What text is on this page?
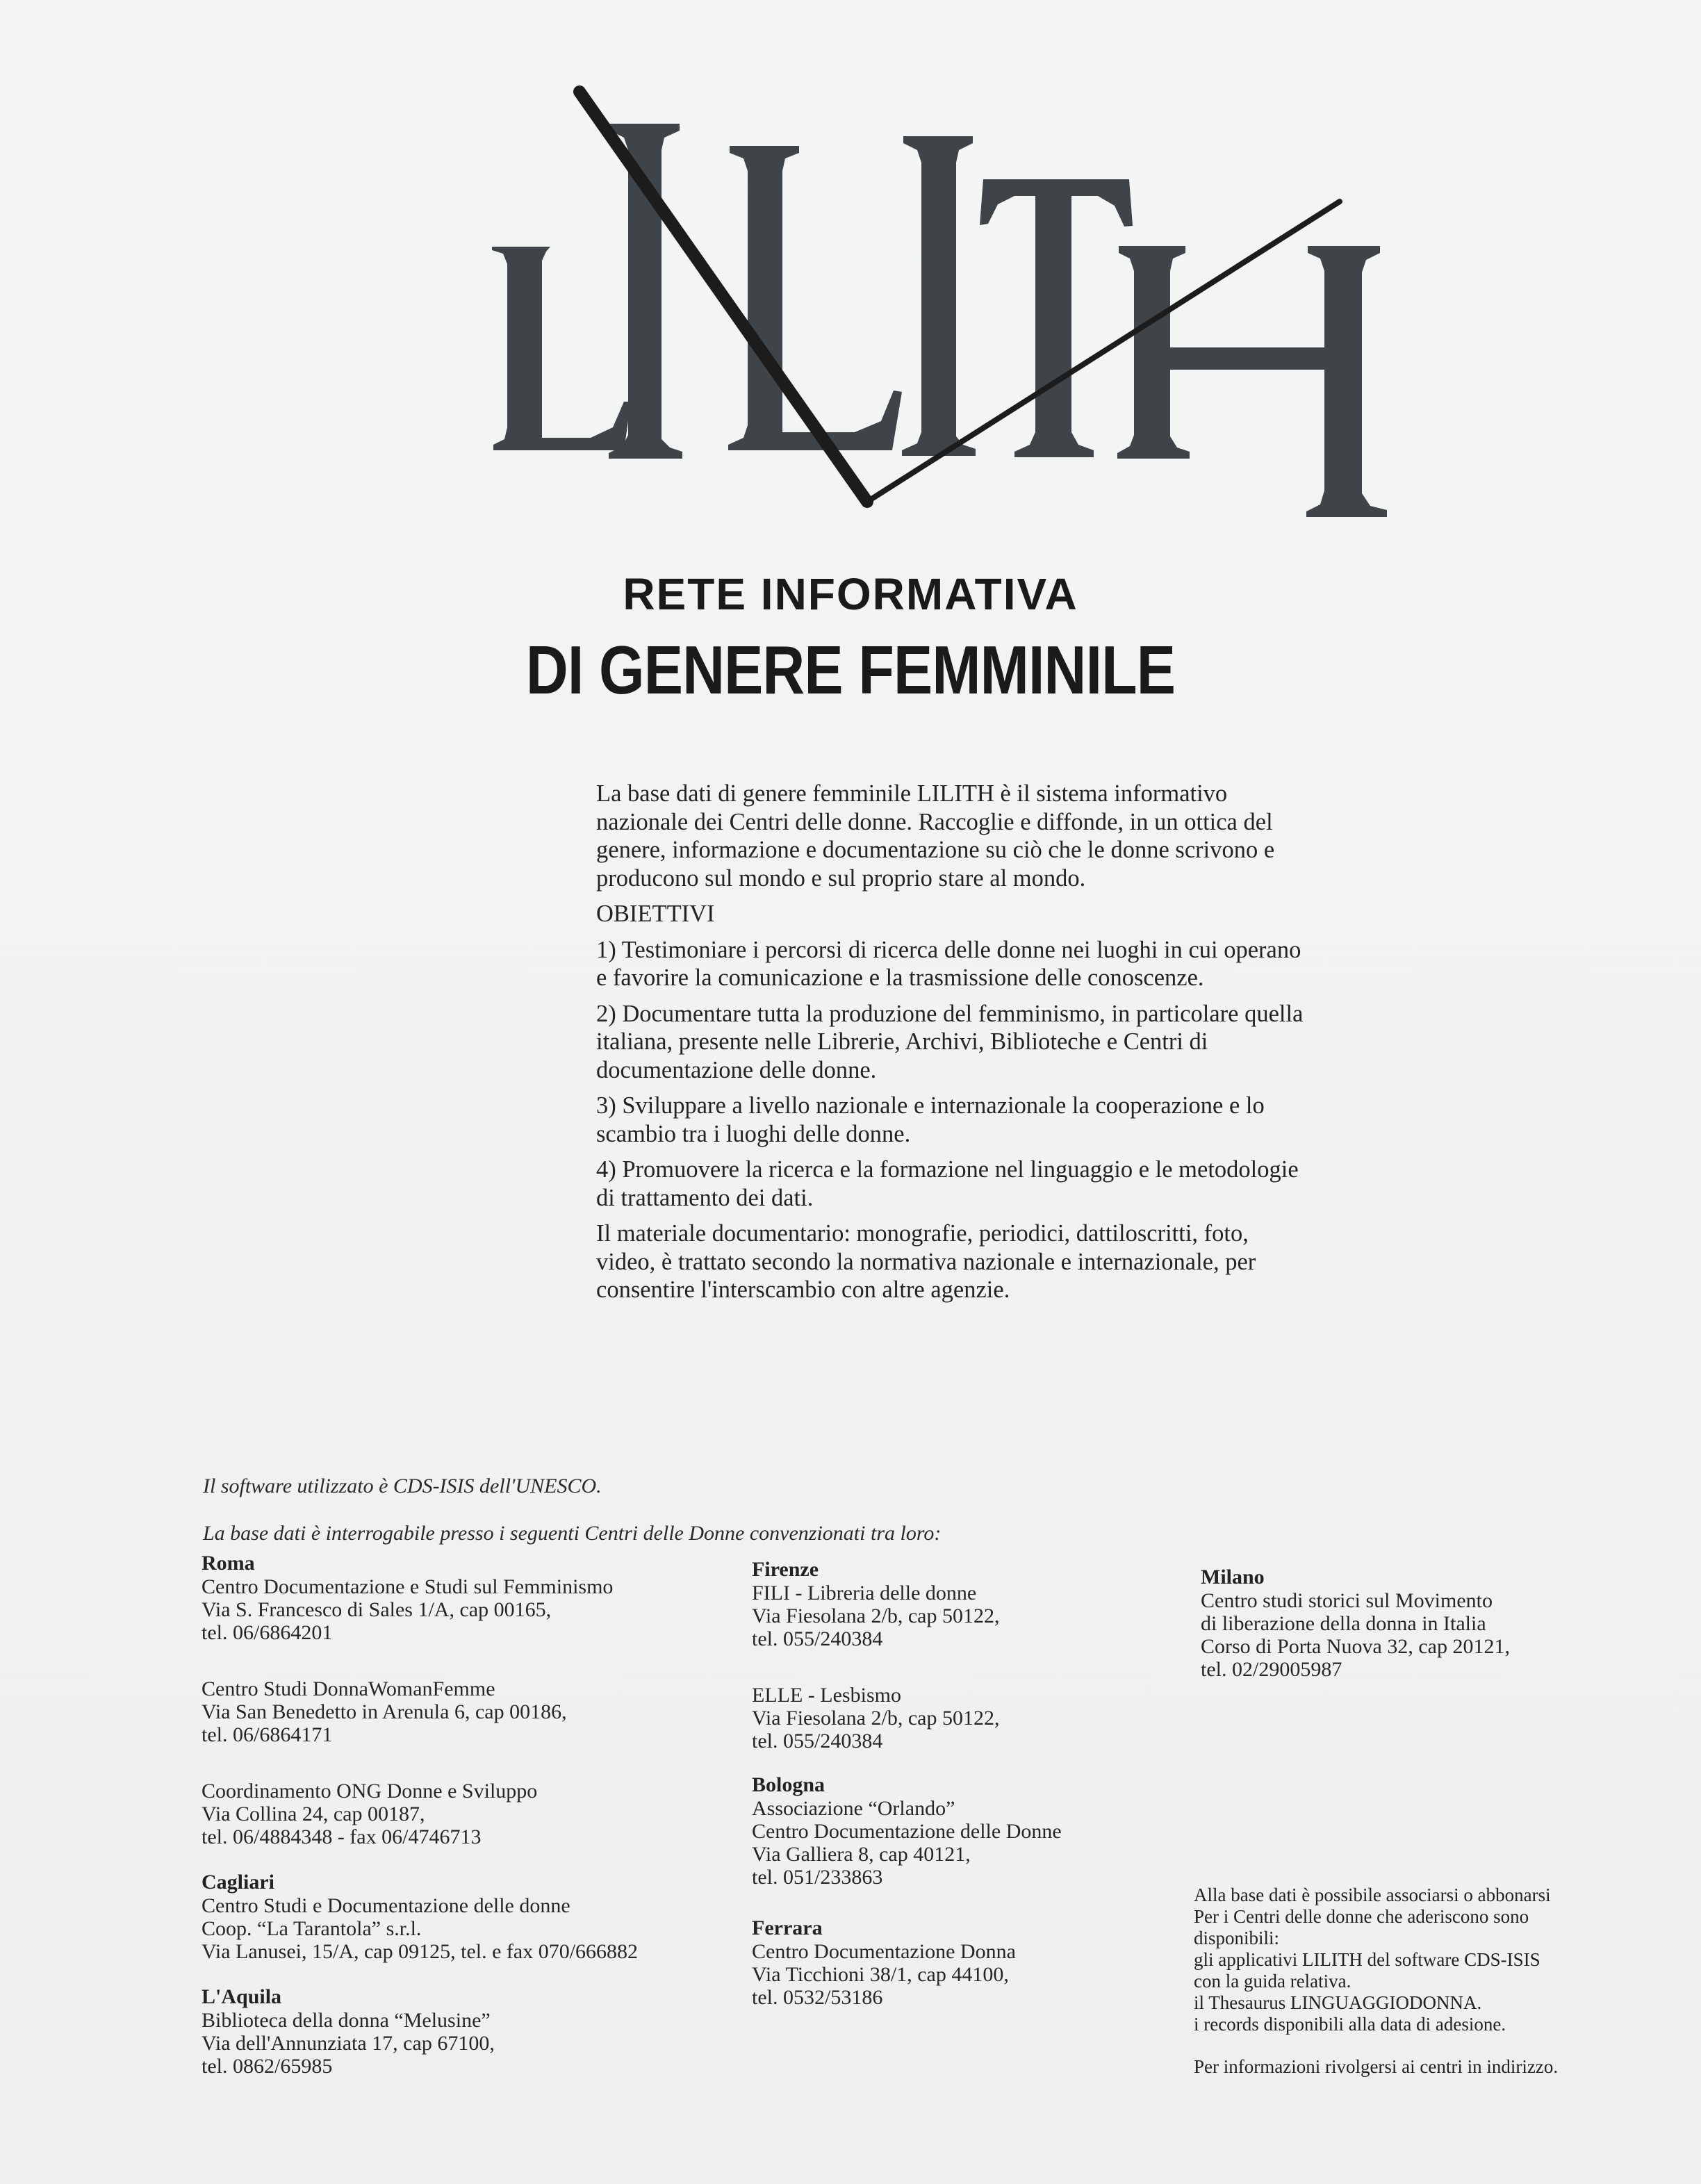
RETE INFORMATIVA
DI GENERE FEMMINILE

La base dati di genere femminile LILITH è il sistema informativo nazionale dei Centri delle donne. Raccoglie e diffonde, in un ottica del genere, informazione e documentazione su ciò che le donne scrivono e producono sul mondo e sul proprio stare al mondo.

OBIETTIVI

1) Testimoniare i percorsi di ricerca delle donne nei luoghi in cui operano e favorire la comunicazione e la trasmissione delle conoscenze.

2) Documentare tutta la produzione del femminismo, in particolare quella italiana, presente nelle Librerie, Archivi, Biblioteche e Centri di documentazione delle donne.

3) Sviluppare a livello nazionale e internazionale la cooperazione e lo scambio tra i luoghi delle donne.

4) Promuovere la ricerca e la formazione nel linguaggio e le metodologie di trattamento dei dati.

Il materiale documentario: monografie, periodici, dattiloscritti, foto, video, è trattato secondo la normativa nazionale e internazionale, per consentire l'interscambio con altre agenzie.

Il software utilizzato è CDS-ISIS dell'UNESCO.
La base dati è interrogabile presso i seguenti Centri delle Donne convenzionati tra loro:
Roma
Centro Documentazione e Studi sul Femminismo
Via S. Francesco di Sales 1/A, cap 00165,
tel. 06/6864201
Centro Studi DonnaWomanFemme
Via San Benedetto in Arenula 6, cap 00186,
tel. 06/6864171
Coordinamento ONG Donne e Sviluppo
Via Collina 24, cap 00187,
tel. 06/4884348 - fax 06/4746713
Cagliari
Centro Studi e Documentazione delle donne
Coop. “La Tarantola” s.r.l.
Via Lanusei, 15/A, cap 09125, tel. e fax 070/666882
L'Aquila
Biblioteca della donna “Melusine”
Via dell'Annunziata 17, cap 67100,
tel. 0862/65985
Firenze
FILI - Libreria delle donne
Via Fiesolana 2/b, cap 50122,
tel. 055/240384
ELLE - Lesbismo
Via Fiesolana 2/b, cap 50122,
tel. 055/240384
Bologna
Associazione “Orlando”
Centro Documentazione delle Donne
Via Galliera 8, cap 40121,
tel. 051/233863
Ferrara
Centro Documentazione Donna
Via Ticchioni 38/1, cap 44100,
tel. 0532/53186
Milano
Centro studi storici sul Movimento
di liberazione della donna in Italia
Corso di Porta Nuova 32, cap 20121,
tel. 02/29005987
Alla base dati è possibile associarsi o abbonarsi
Per i Centri delle donne che aderiscono sono
disponibili:
gli applicativi LILITH del software CDS-ISIS
con la guida relativa.
il Thesaurus LINGUAGGIODONNA.
i records disponibili alla data di adesione.
Per informazioni rivolgersi ai centri in indirizzo.
